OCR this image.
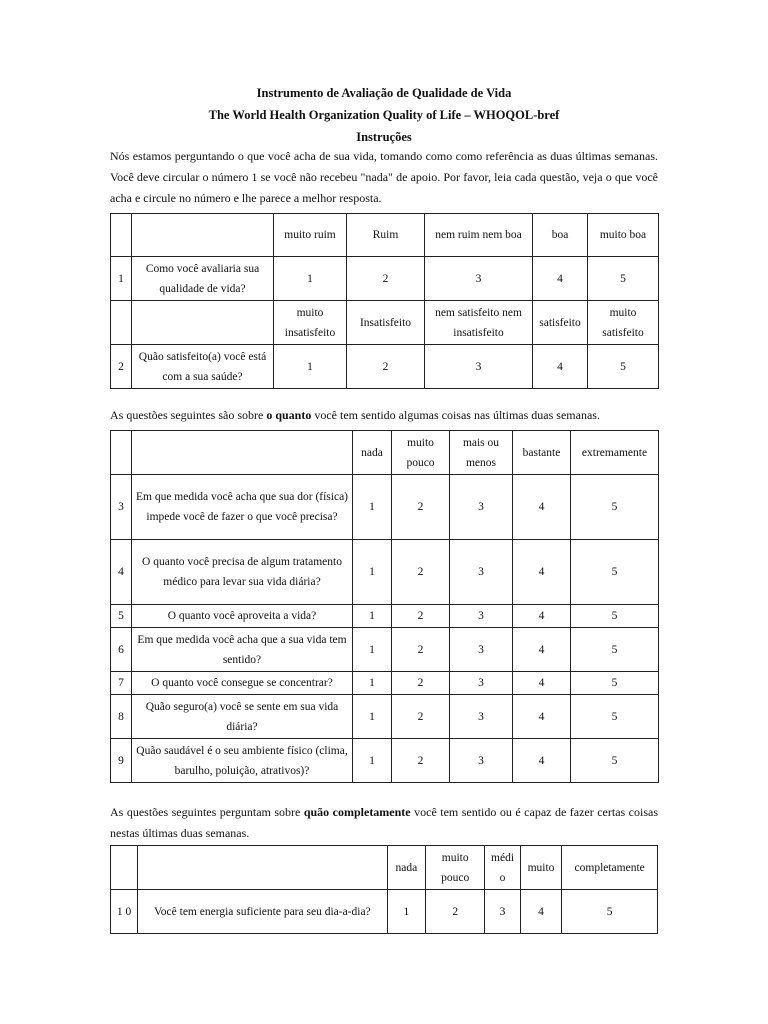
Instrumento de Avaliação de Qualidade de Vida
The World Health Organization Quality of Life – WHOQOL-bref
Instruções
Nós estamos perguntando o que você acha de sua vida, tomando como como referência as duas últimas semanas. Você deve circular o número 1 se você não recebeu "nada" de apoio. Por favor, leia cada questão, veja o que você acha e circule no número e lhe parece a melhor resposta.
		muito ruim	Ruim	nem ruim nem boa	boa	muito boa
1	Como você avaliaria sua qualidade de vida?	1	2	3	4	5
		muito insatisfeito	Insatisfeito	nem satisfeito nem insatisfeito	satisfeito	muito satisfeito
2	Quão satisfeito(a) você está com a sua saúde?	1	2	3	4	5
As questões seguintes são sobre o quanto você tem sentido algumas coisas nas últimas duas semanas.
		nada	muito pouco	mais ou menos	bastante	extremamente
3	Em que medida você acha que sua dor (física) impede você de fazer o que você precisa?	1	2	3	4	5
4	O quanto você precisa de algum tratamento médico para levar sua vida diária?	1	2	3	4	5
5	O quanto você aproveita a vida?	1	2	3	4	5
6	Em que medida você acha que a sua vida tem sentido?	1	2	3	4	5
7	O quanto você consegue se concentrar?	1	2	3	4	5
8	Quão seguro(a) você se sente em sua vida diária?	1	2	3	4	5
9	Quão saudável é o seu ambiente físico (clima, barulho, poluição, atrativos)?	1	2	3	4	5
As questões seguintes perguntam sobre quão completamente você tem sentido ou é capaz de fazer certas coisas nestas últimas duas semanas.
		nada	muito pouco	médi o	muito	completamente
1 0	Você tem energia suficiente para seu dia-a-dia?	1	2	3	4	5
